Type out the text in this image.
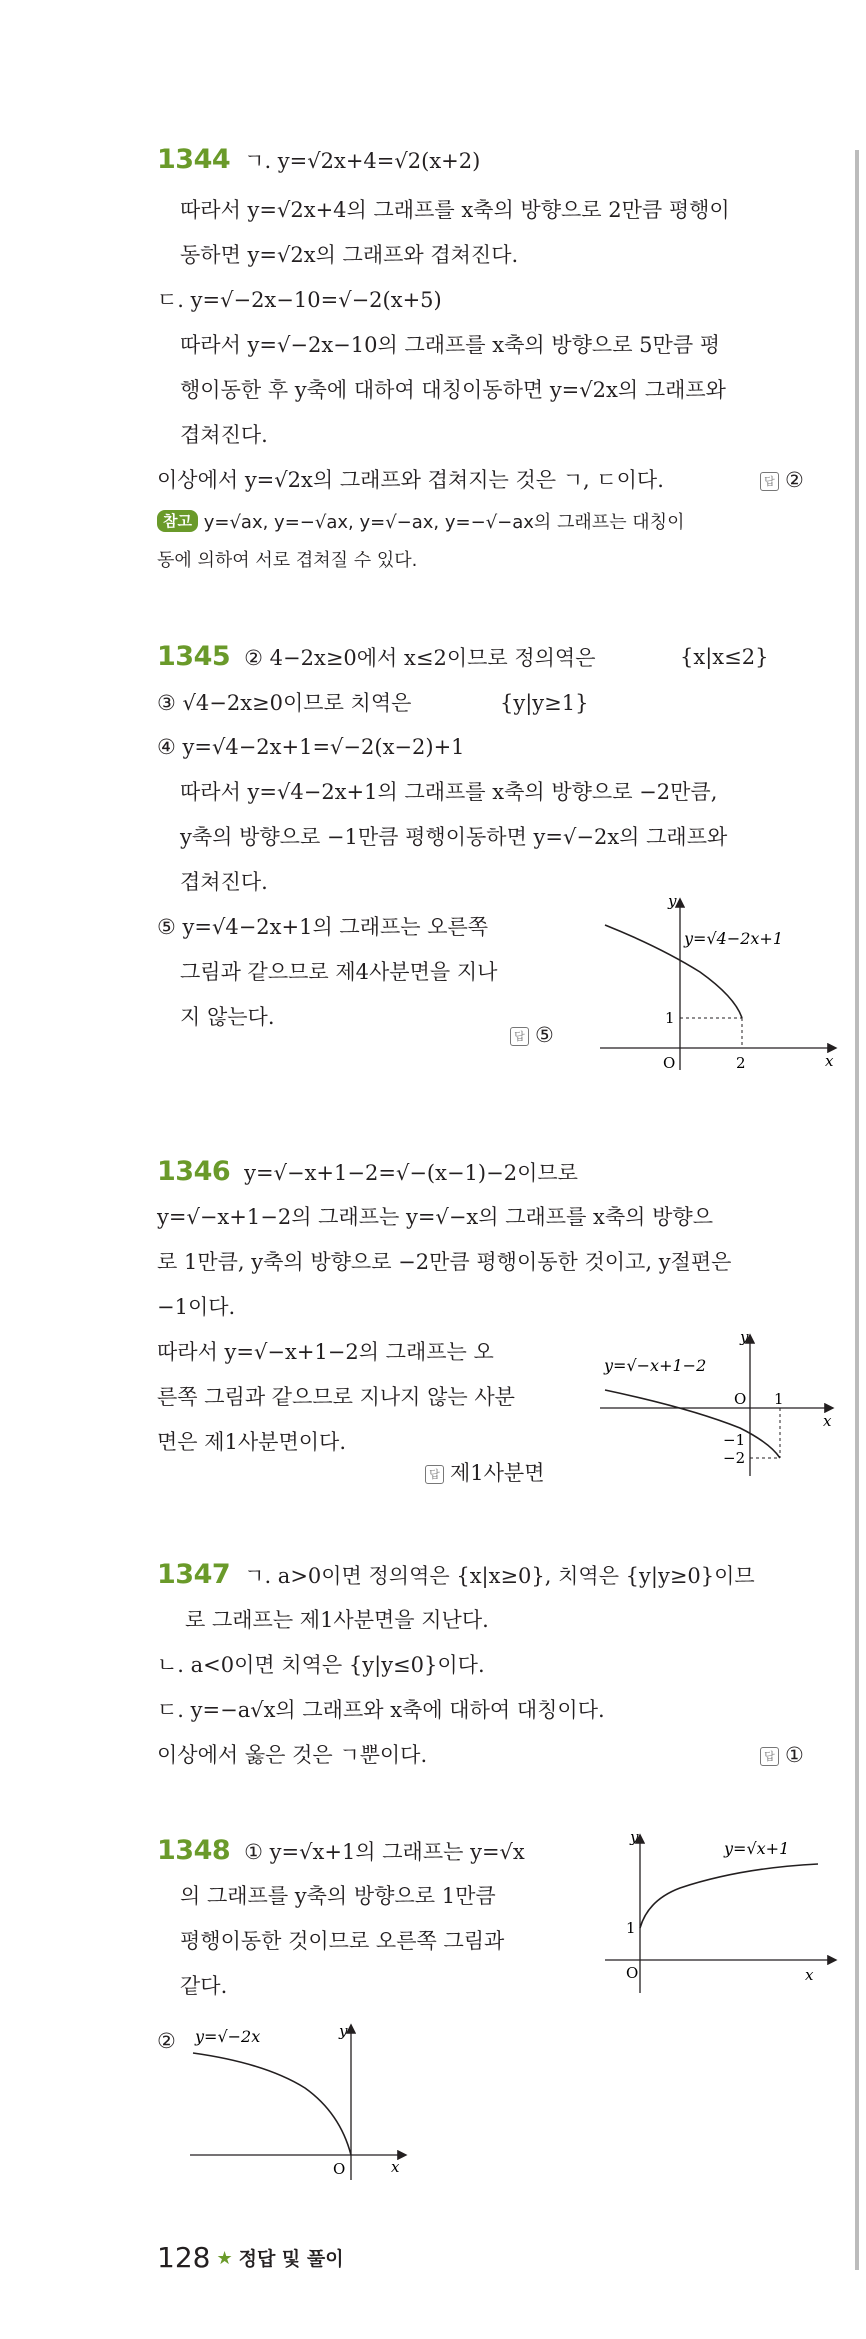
1344 ㄱ. y=√2x+4=√2(x+2)
따라서 y=√2x+4의 그래프를 x축의 방향으로 2만큼 평행이
동하면 y=√2x의 그래프와 겹쳐진다.
ㄷ. y=√−2x−10=√−2(x+5)
따라서 y=√−2x−10의 그래프를 x축의 방향으로 5만큼 평
행이동한 후 y축에 대하여 대칭이동하면 y=√2x의 그래프와
겹쳐진다.
이상에서 y=√2x의 그래프와 겹쳐지는 것은 ㄱ, ㄷ이다.	답 ②
참고 y=√ax, y=−√ax, y=√−ax, y=−√−ax의 그래프는 대칭이
동에 의하여 서로 겹쳐질 수 있다.
1345 ② 4−2x≥0에서 x≤2이므로 정의역은	{x|x≤2}
③ √4−2x≥0이므로 치역은	{y|y≥1}
④ y=√4−2x+1=√−2(x−2)+1
따라서 y=√4−2x+1의 그래프를 x축의 방향으로 −2만큼,
y축의 방향으로 −1만큼 평행이동하면 y=√−2x의 그래프와
겹쳐진다.
⑤ y=√4−2x+1의 그래프는 오른쪽
그림과 같으므로 제4사분면을 지나
지 않는다.
답 ⑤
y
x
O
1
2
y=√4−2x+1
1346 y=√−x+1−2=√−(x−1)−2이므로
y=√−x+1−2의 그래프는 y=√−x의 그래프를 x축의 방향으
로 1만큼, y축의 방향으로 −2만큼 평행이동한 것이고, y절편은
−1이다.
따라서 y=√−x+1−2의 그래프는 오
른쪽 그림과 같으므로 지나지 않는 사분
면은 제1사분면이다.
답 제1사분면
y
x
O 1
−1
−2
y=√−x+1−2
1347 ㄱ. a>0이면 정의역은 {x|x≥0}, 치역은 {y|y≥0}이므
로 그래프는 제1사분면을 지난다.
ㄴ. a<0이면 치역은 {y|y≤0}이다.
ㄷ. y=−a√x의 그래프와 x축에 대하여 대칭이다.
이상에서 옳은 것은 ㄱ뿐이다.	답 ①
1348 ① y=√x+1의 그래프는 y=√x
의 그래프를 y축의 방향으로 1만큼
평행이동한 것이므로 오른쪽 그림과
같다.
②
y
x
O
1
y=√x+1
y
x
O
y=√−2x
128 ★ 정답 및 풀이
